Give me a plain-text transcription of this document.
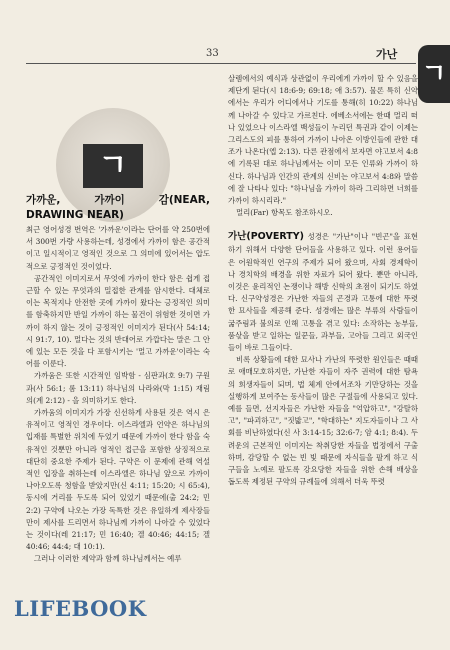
33	가난
ㄱ
ㄱ
가까운, 가까이 감(NEAR, DRAWING NEAR)

최근 영어성경 번역은 '가까운'이라는 단어를 약 250번에서 300번 가량 사용하는데, 성경에서 가까이 함은 공간적이고 일시적이고 영적인 것으로 그 의미에 있어서는 압도적으로 긍정적인 것이었다.

공간적인 이미지로서 무엇에 가까이 한다 함은 쉽게 접근할 수 있는 무엇과의 밀접한 관계를 암시한다. 대체로 이는 목적지나 안전한 곳에 가까이 왔다는 긍정적인 의미를 함축하지만 반일 가까이 하는 물건이 위험한 것이면 가까이 하지 않는 것이 긍정적인 이미지가 된다(사 54:14; 시 91:7, 10). 멀다는 것의 반대어로 가깝다는 말은 그 안에 있는 모든 것을 다 포함시키는 '멀고 가까운'이라는 숙어를 이룬다.

가까움은 또한 시간적인 임박함 - 심판과(호 9:7) 구원과(사 56:1; 롬 13:11) 하나님의 나라와(막 1:15) 재림의(계 2:12) - 을 의미하기도 한다.

가까움의 이미지가 가장 신선하게 사용된 것은 역시 은유적이고 영적인 경우이다. 이스라엘과 언약은 하나님의 입재를 특별한 위치에 두었기 때문에 가까이 한다 함을 숙유적인 것뿐만 아니라 영적인 접근을 포함한 상징적으로 대단히 중요한 주제가 된다. 구약은 이 문제에 관해 역설적인 입장을 취하는데 이스라엘은 하나님 앞으로 가까이 나아오도록 청함을 받았지만(신 4:11; 15:20; 시 65:4), 동시에 거리를 두도록 되어 있었기 때문에(출 24:2; 민 2:2) 구약에 나오는 가장 독특한 것은 유일하게 제사장들만이 제사를 드리면서 하나님께 가까이 나아갈 수 있었다는 것이다(레 21:17; 민 16:40; 겔 40:46; 44:15; 겔 40:46; 44:4; 대 10:1).

그러나 이러한 제약과 함께 하나님께서는 예루

살렘에서의 예식과 상관없이 우리에게 가까이 할 수 있음을 제단게 된다(시 18:6-9; 69:18; 애 3:57). 물론 특히 신약에서는 우리가 어디에서나 기도를 통해(히 10:22) 하나님께 나아갈 수 있다고 가르친다. 에베소서에는 한때 멀리 떠나 있었으나 이스라엘 백성들이 누리던 특권과 같이 이제는 그리스도의 피를 통하여 가까이 나아온 이방인들에 관한 대조가 나온다(엡 2:13). 다른 관점에서 보자면 야고보서 4:8에 기록된 대로 하나님께서는 이미 모든 인류와 가까이 하신다. 하나님과 인간의 관계의 신비는 야고보서 4:8와 말씀에 잘 나타나 있다: "하나님을 가까이 하라 그리하면 너희를 가까이 하시리라."

멀리(Far) 항목도 참조하시오.

가난(POVERTY) 성경은 "가난"이나 "빈곤"을 표현하기 위해서 다양한 단어들을 사용하고 있다. 이런 용어들은 어원학적인 연구의 주제가 되어 왔으며, 사회 경제학이나 경치학의 배경을 위한 자료가 되어 왔다. 뿐만 아니라, 이것은 윤리적인 논쟁이나 해방 신학의 초점이 되기도 하였다. 신구약성경은 가난한 자들의 곤경과 고통에 대한 뚜렷한 묘사들을 제공해 준다. 성경에는 많은 부류의 사람들이 굶주림과 불의로 인해 고통을 겪고 있다: 소작하는 농부들, 품삯을 받고 일하는 일꾼들, 과부들, 고아들 그리고 외국인들이 바로 그들이다.

비록 상황들에 대한 묘사나 가난의 뚜렷한 원인들은 때때로 애매모호하지만, 가난한 자들이 자주 권력에 대한 탐욕의 희생자들이 되며, 법 체계 안에서조차 기만당하는 것을 실행하게 보여주는 동사들이 많은 구절들에 사용되고 있다. 예를 들면, 선지자들은 가난한 자들을 "억압하고", "강탈하고", "파괴하고", "짓밟고", "학대하는" 지도자들이나 그 사회를 비난하였다(신 사 3:14-15; 32:6-7; 암 4:1; 8:4). 두려운의 근본적인 이미지는 착취당한 자들을 법정에서 구출하며, 감당할 수 없는 빈 빛 때문에 자식들을 팔게 하고 식구들을 노예로 팔도록 강요당한 자들을 위한 손해 배상을 돕도록 제정된 구약의 규례들에 의해서 더욱 뚜렷

LIFEBOOK
